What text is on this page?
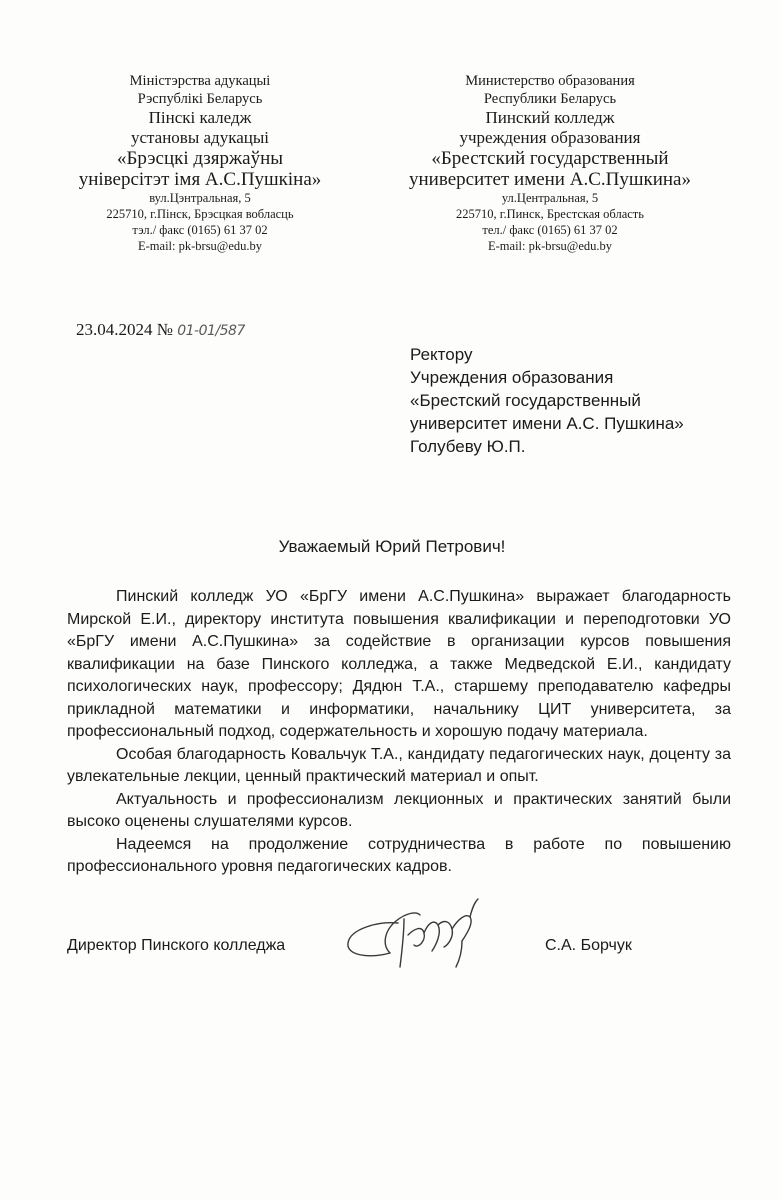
Міністэрства адукацыі
Рэспублікі Беларусь
Пінскі каледж
установы адукацыі
«Брэсцкі дзяржаўны
універсітэт імя А.С.Пушкіна»
вул.Цэнтральная, 5
225710, г.Пінск, Брэсцкая вобласць
тэл./ факс (0165) 61 37 02
E-mail: pk-brsu@edu.by
Министерство образования
Республики Беларусь
Пинский колледж
учреждения образования
«Брестский государственный
университет имени А.С.Пушкина»
ул.Центральная, 5
225710, г.Пинск, Брестская область
тел./ факс (0165) 61 37 02
E-mail: pk-brsu@edu.by
23.04.2024 № 01-01/587
Ректору
Учреждения образования
«Брестский государственный
университет имени А.С. Пушкина»
Голубеву Ю.П.
Уважаемый Юрий Петрович!

Пинский колледж УО «БрГУ имени А.С.Пушкина» выражает благодарность Мирской Е.И., директору института повышения квалификации и переподготовки УО «БрГУ имени А.С.Пушкина» за содействие в организации курсов повышения квалификации на базе Пинского колледжа, а также Медведской Е.И., кандидату психологических наук, профессору; Дядюн Т.А., старшему преподавателю кафедры прикладной математики и информатики, начальнику ЦИТ университета, за профессиональный подход, содержательность и хорошую подачу материала.

Особая благодарность Ковальчук Т.А., кандидату педагогических наук, доценту за увлекательные лекции, ценный практический материал и опыт.

Актуальность и профессионализм лекционных и практических занятий были высоко оценены слушателями курсов.

Надеемся на продолжение сотрудничества в работе по повышению профессионального уровня педагогических кадров.

Директор Пинского колледжа	С.А. Борчук
